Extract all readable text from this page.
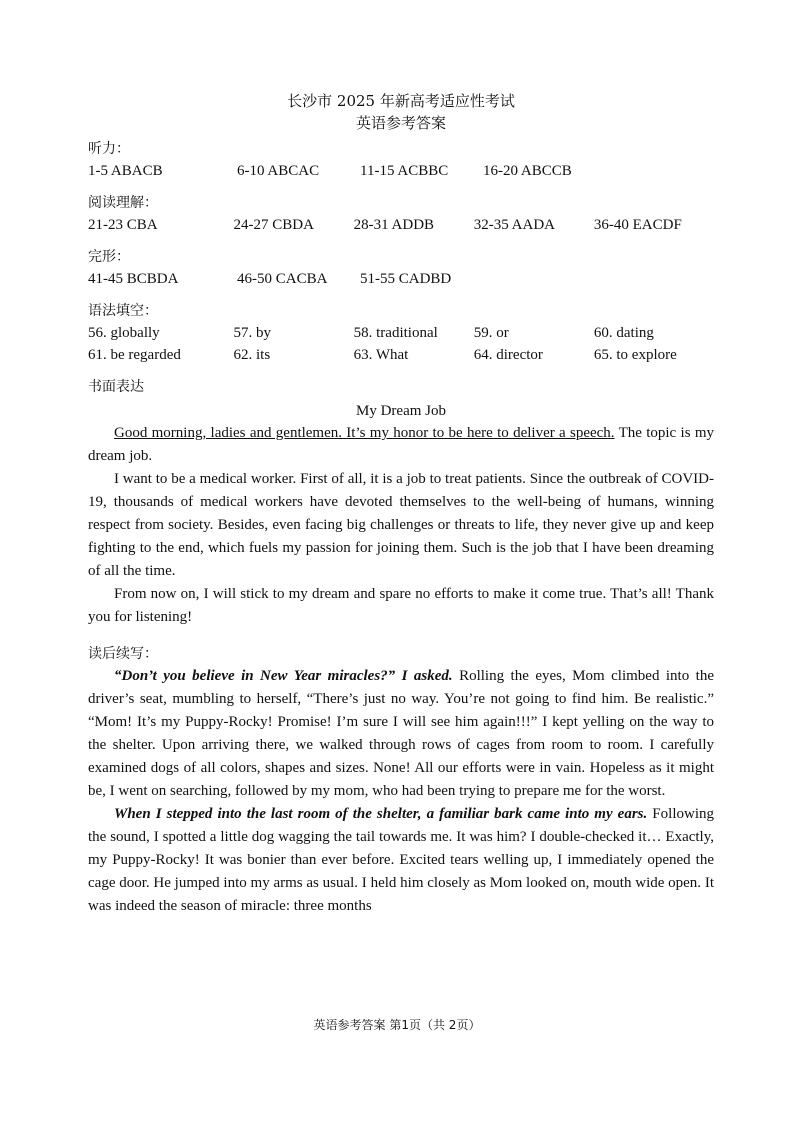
长沙市 2025 年新高考适应性考试
英语参考答案
听力：
1-5 ABACB	6-10 ABCAC	11-15 ACBBC	16-20 ABCCB
阅读理解：
21-23 CBA	24-27 CBDA	28-31 ADDB	32-35 AADA	36-40 EACDF
完形：
41-45 BCBDA	46-50 CACBA	51-55 CADBD
语法填空：
56. globally	57. by	58. traditional	59. or	60. dating
61. be regarded	62. its	63. What	64. director	65. to explore
书面表达
My Dream Job

Good morning, ladies and gentlemen. It’s my honor to be here to deliver a speech. The topic is my dream job.

I want to be a medical worker. First of all, it is a job to treat patients. Since the outbreak of COVID-19, thousands of medical workers have devoted themselves to the well-being of humans, winning respect from society. Besides, even facing big challenges or threats to life, they never give up and keep fighting to the end, which fuels my passion for joining them. Such is the job that I have been dreaming of all the time.

From now on, I will stick to my dream and spare no efforts to make it come true. That’s all! Thank you for listening!

读后续写：

“Don’t you believe in New Year miracles?” I asked. Rolling the eyes, Mom climbed into the driver’s seat, mumbling to herself, “There’s just no way. You’re not going to find him. Be realistic.” “Mom! It’s my Puppy-Rocky! Promise! I’m sure I will see him again!!!” I kept yelling on the way to the shelter. Upon arriving there, we walked through rows of cages from room to room. I carefully examined dogs of all colors, shapes and sizes. None! All our efforts were in vain. Hopeless as it might be, I went on searching, followed by my mom, who had been trying to prepare me for the worst.

When I stepped into the last room of the shelter, a familiar bark came into my ears. Following the sound, I spotted a little dog wagging the tail towards me. It was him? I double-checked it… Exactly, my Puppy-Rocky! It was bonier than ever before. Excited tears welling up, I immediately opened the cage door. He jumped into my arms as usual. I held him closely as Mom looked on, mouth wide open. It was indeed the season of miracle: three months

英语参考答案 第1页（共 2页）
